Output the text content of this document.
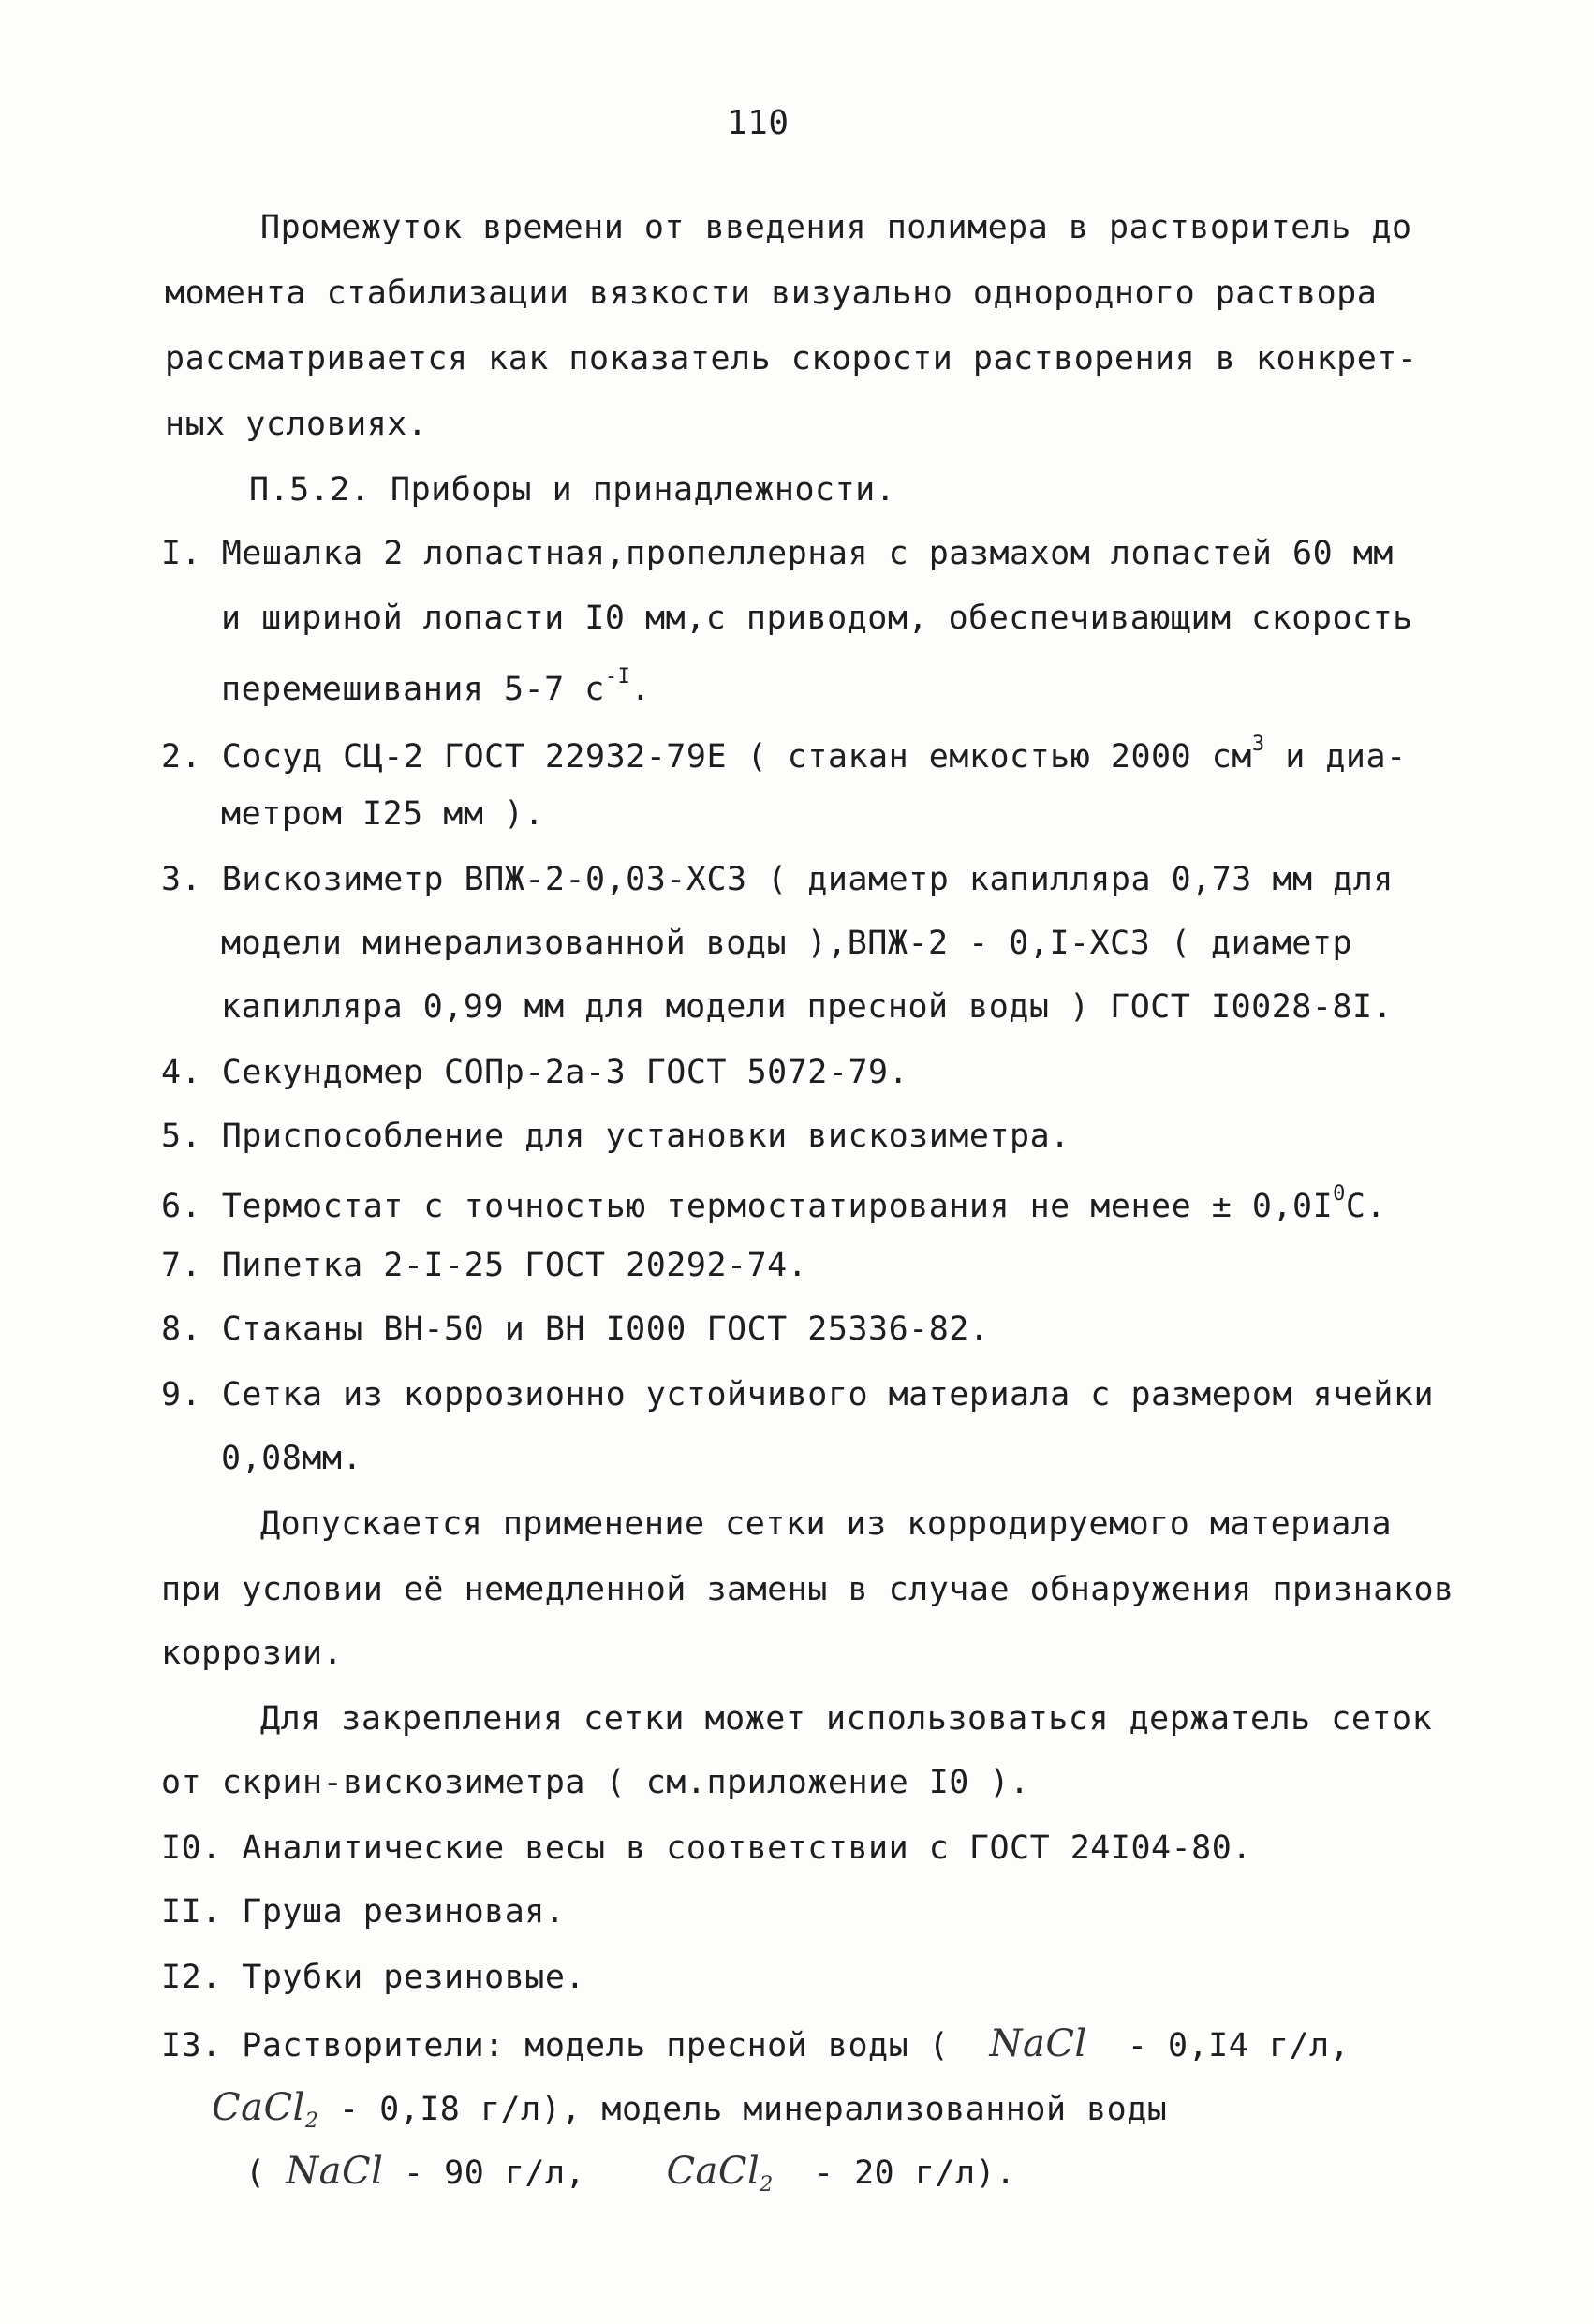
110
Промежуток времени от введения полимера в растворитель до
момента стабилизации вязкости визуально однородного раствора
рассматривается как показатель скорости растворения в конкрет-
ных условиях.
П.5.2. Приборы и принадлежности.
I. Мешалка 2 лопастная,пропеллерная с размахом лопастей 60 мм
и шириной лопасти I0 мм,с приводом, обеспечивающим скорость
перемешивания 5-7 $с^{-I}$.
2. Сосуд СЦ-2 ГОСТ 22932-79Е ( стакан емкостью 2000 $см^3$ и диа-
метром I25 мм ).
3. Вискозиметр ВПЖ-2-0,03-ХС3 ( диаметр капилляра 0,73 мм для
модели минерализованной воды ),ВПЖ-2 - 0,I-ХС3 ( диаметр
капилляра 0,99 мм для модели пресной воды ) ГОСТ I0028-8I.
4. Секундомер СОПр-2а-3 ГОСТ 5072-79.
5. Приспособление для установки вискозиметра.
6. Термостат с точностью термостатирования не менее ± $0,0I^0С$.
7. Пипетка 2-I-25 ГОСТ 20292-74.
8. Стаканы ВН-50 и ВН I000 ГОСТ 25336-82.
9. Сетка из коррозионно устойчивого материала с размером ячейки
0,08мм.
Допускается применение сетки из корродируемого материала
при условии её немедленной замены в случае обнаружения признаков
коррозии.
Для закрепления сетки может использоваться держатель сеток
от скрин-вискозиметра ( см.приложение I0 ).
I0. Аналитические весы в соответствии с ГОСТ 24I04-80.
II. Груша резиновая.
I2. Трубки резиновые.
I3. Растворители: модель пресной воды ( NaCl - 0,I4 г/л,
CaCl$_2$ - 0,I8 г/л), модель минерализованной воды
( NaCl - 90 г/л, CaCl$_2$ - 20 г/л).
